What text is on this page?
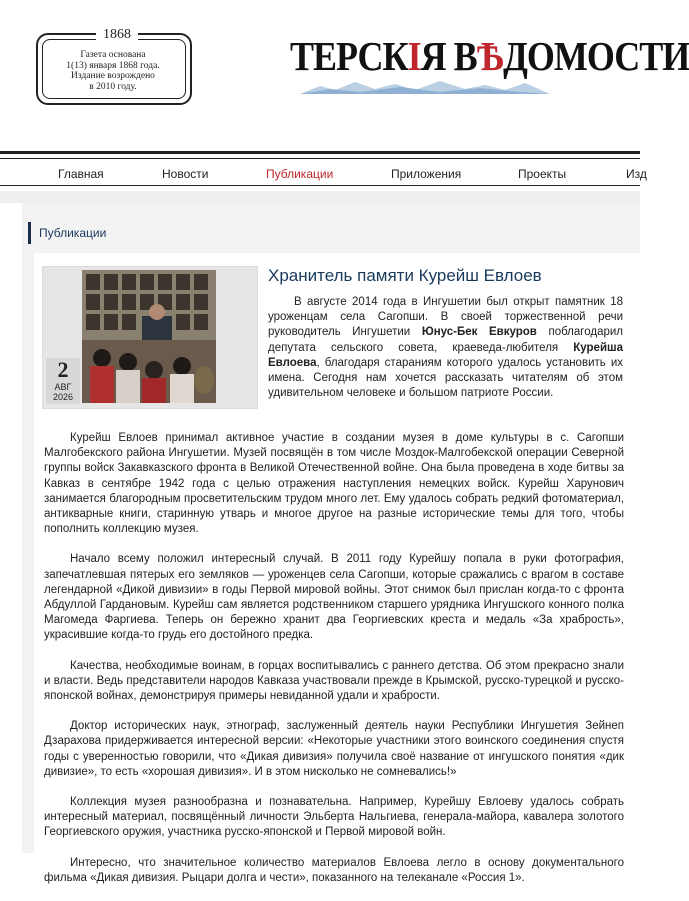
1868
Газета основана
1(13) января 1868 года.
Издание возрождено
в 2010 году.
ТЕРСКІЯ ВѢДОМОСТИ
Главная	Новости	Публикации	Приложения	Проекты	Изд
Публикации
2
АВГ
2026
Хранитель памяти Курейш Евлоев
В августе 2014 года в Ингушетии был открыт памятник 18 уроженцам села Сагопши. В своей торжественной речи руководитель Ингушетии Юнус-Бек Евкуров поблагодарил депутата сельского совета, краеведа-любителя Курейша Евлоева, благодаря стараниям которого удалось установить их имена. Сегодня нам хочется рассказать читателям об этом удивительном человеке и большом патриоте России.

Курейш Евлоев принимал активное участие в создании музея в доме культуры в с. Сагопши Малгобекского района Ингушетии. Музей посвящён в том числе Моздок-Малгобекской операции Северной группы войск Закавказского фронта в Великой Отечественной войне. Она была проведена в ходе битвы за Кавказ в сентябре 1942 года с целью отражения наступления немецких войск. Курейш Харунович занимается благородным просветительским трудом много лет. Ему удалось собрать редкий фотоматериал, антикварные книги, старинную утварь и многое другое на разные исторические темы для того, чтобы пополнить коллекцию музея.

Начало всему положил интересный случай. В 2011 году Курейшу попала в руки фотография, запечатлевшая пятерых его земляков — уроженцев села Сагопши, которые сражались с врагом в составе легендарной «Дикой дивизии» в годы Первой мировой войны. Этот снимок был прислан когда-то с фронта Абдуллой Гардановым. Курейш сам является родственником старшего урядника Ингушского конного полка Магомеда Фаргиева. Теперь он бережно хранит два Георгиевских креста и медаль «За храбрость», украсившие когда-то грудь его достойного предка.

Качества, необходимые воинам, в горцах воспитывались с раннего детства. Об этом прекрасно знали и власти. Ведь представители народов Кавказа участвовали прежде в Крымской, русско-турецкой и русско-японской войнах, демонстрируя примеры невиданной удали и храбрости.

Доктор исторических наук, этнограф, заслуженный деятель науки Республики Ингушетия Зейнеп Дзарахова придерживается интересной версии: «Некоторые участники этого воинского соединения спустя годы с уверенностью говорили, что «Дикая дивизия» получила своё название от ингушского понятия «дик дивизие», то есть «хорошая дивизия». И в этом нисколько не сомневались!»

Коллекция музея разнообразна и познавательна. Например, Курейшу Евлоеву удалось собрать интересный материал, посвящённый личности Эльберта Нальгиева, генерала-майора, кавалера золотого Георгиевского оружия, участника русско-японской и Первой мировой войн.

Интересно, что значительное количество материалов Евлоева легло в основу документального фильма «Дикая дивизия. Рыцари долга и чести», показанного на телеканале «Россия 1».
